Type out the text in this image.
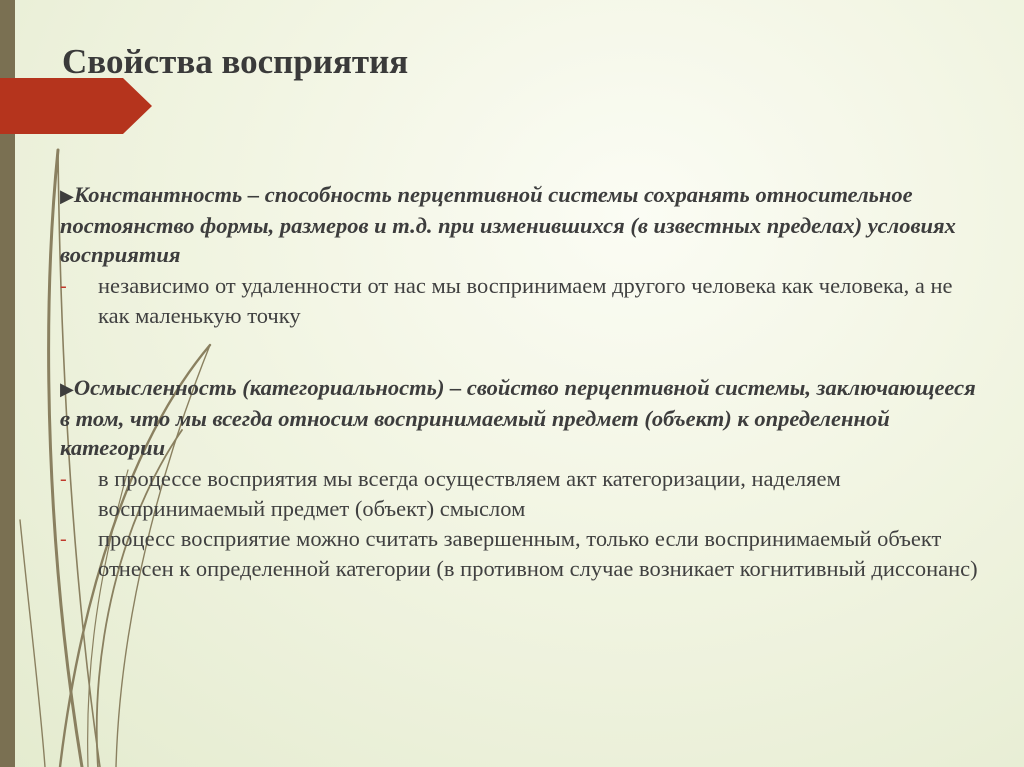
Свойства восприятия

▶Константность – способность перцептивной системы сохранять относительное постоянство формы, размеров и т.д. при изменившихся (в известных пределах) условиях восприятия

- независимо от удаленности от нас мы воспринимаем другого человека как человека, а не как маленькую точку

▶Осмысленность (категориальность) – свойство перцептивной системы, заключающееся в том, что мы всегда относим воспринимаемый предмет (объект) к определенной категории

- в процессе восприятия мы всегда осуществляем акт категоризации, наделяем воспринимаемый предмет (объект) смыслом
- процесс восприятие можно считать завершенным, только если воспринимаемый объект отнесен к определенной категории (в противном случае возникает когнитивный диссонанс)
